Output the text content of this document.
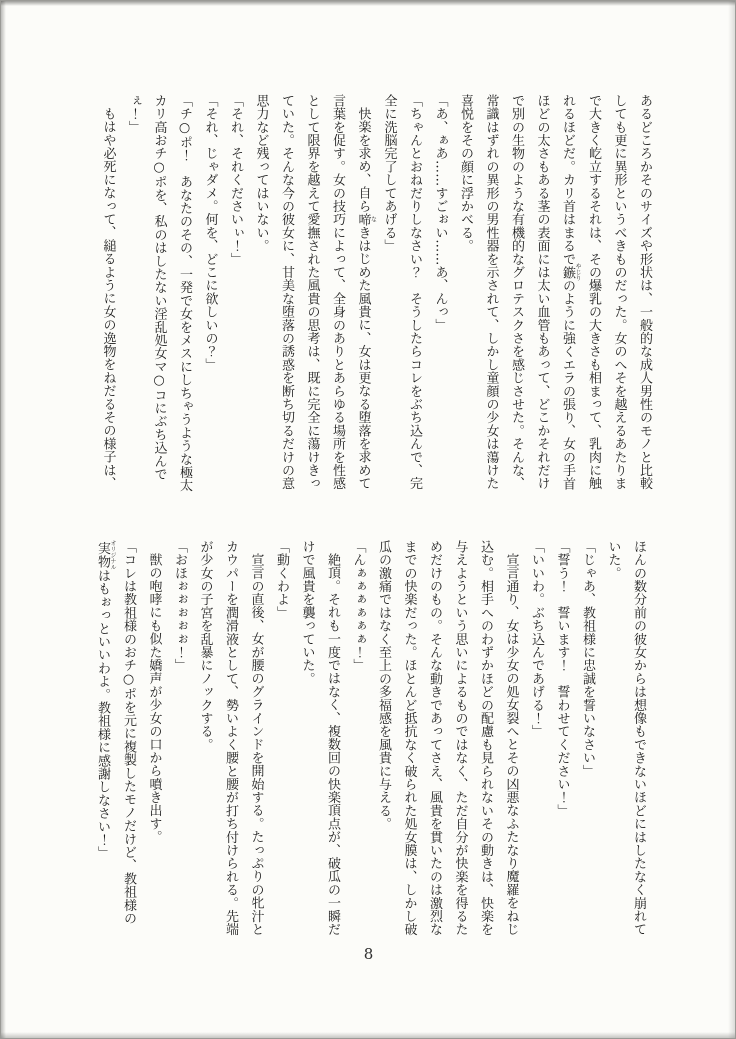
あるどころかそのサイズや形状は、一般的な成人男性のモノと比較
しても更に異形というべきものだった。女のへそを越えるあたりま
で大きく屹立するそれは、その爆乳の大きさも相まって、乳肉に触
れるほどだ。カリ首はまるで鏃 やじりのように強くエラの張り、女の手首
ほどの太さもある茎の表面には太い血管もあって、どこかそれだけ
で別の生物のような有機的なグロテスクさを感じさせた。そんな、
常識はずれの異形の男性器を示されて、しかし童顔の少女は蕩けた
喜悦をその顔に浮かべる。
「あ、ぁあ……すごぉい……あ、んっ」
「ちゃんとおねだりしなさい？　そうしたらコレをぶち込んで、完
全に洗脳完了してあげる」
快楽を求め、自ら啼 なきはじめた風貴に、女は更なる堕落を求めて
言葉を促す。女の技巧によって、全身のありとあらゆる場所を性感
として限界を越えて愛撫された風貴の思考は、既に完全に蕩けきっ
ていた。そんな今の彼女に、甘美な堕落の誘惑を断ち切るだけの意
思力など残ってはいない。
「それ、それくださいぃ！」
「それ、じゃダメ。何を、どこに欲しいの？」
「チ○ポ！　あなたのその、一発で女をメスにしちゃうような極太
カリ高おチ○ポを、私のはしたない淫乱処女マ○コにぶち込んで
ぇ！」
もはや必死になって、縋るように女の逸物をねだるその様子は、
ほんの数分前の彼女からは想像もできないほどにはしたなく崩れて
いた。
「じゃあ、教祖様に忠誠を誓いなさい」
「誓う！　誓います！　誓わせてください！」
「いいわ。ぶち込んであげる！」
宣言通り、女は少女の処女裂へとその凶悪なふたなり魔羅をねじ
込む。相手へのわずかほどの配慮も見られないその動きは、快楽を
与えようという思いによるものではなく、ただ自分が快楽を得るた
めだけのもの。そんな動きであってさえ、風貴を貫いたのは激烈な
までの快楽だった。ほとんど抵抗なく破られた処女膜は、しかし破
瓜の激痛ではなく至上の多福感を風貴に与える。
「んぁぁぁぁぁぁ！」
絶頂。それも一度ではなく、複数回の快楽頂点が、破瓜の一瞬だ
けで風貴を襲っていた。
「動くわよ」
宣言の直後、女が腰のグラインドを開始する。たっぷりの牝汁と
カウパーを潤滑液として、勢いよく腰と腰が打ち付けられる。先端
が少女の子宮を乱暴にノックする。
「おほぉぉぉぉぉ！」
獣の咆哮にも似た嬌声が少女の口から噴き出す。
「コレは教祖様のおチ○ポを元に複製したモノだけど、教祖様の
実物 オリジナルはもぉっといいわよ。教祖様に感謝しなさい！」
8
